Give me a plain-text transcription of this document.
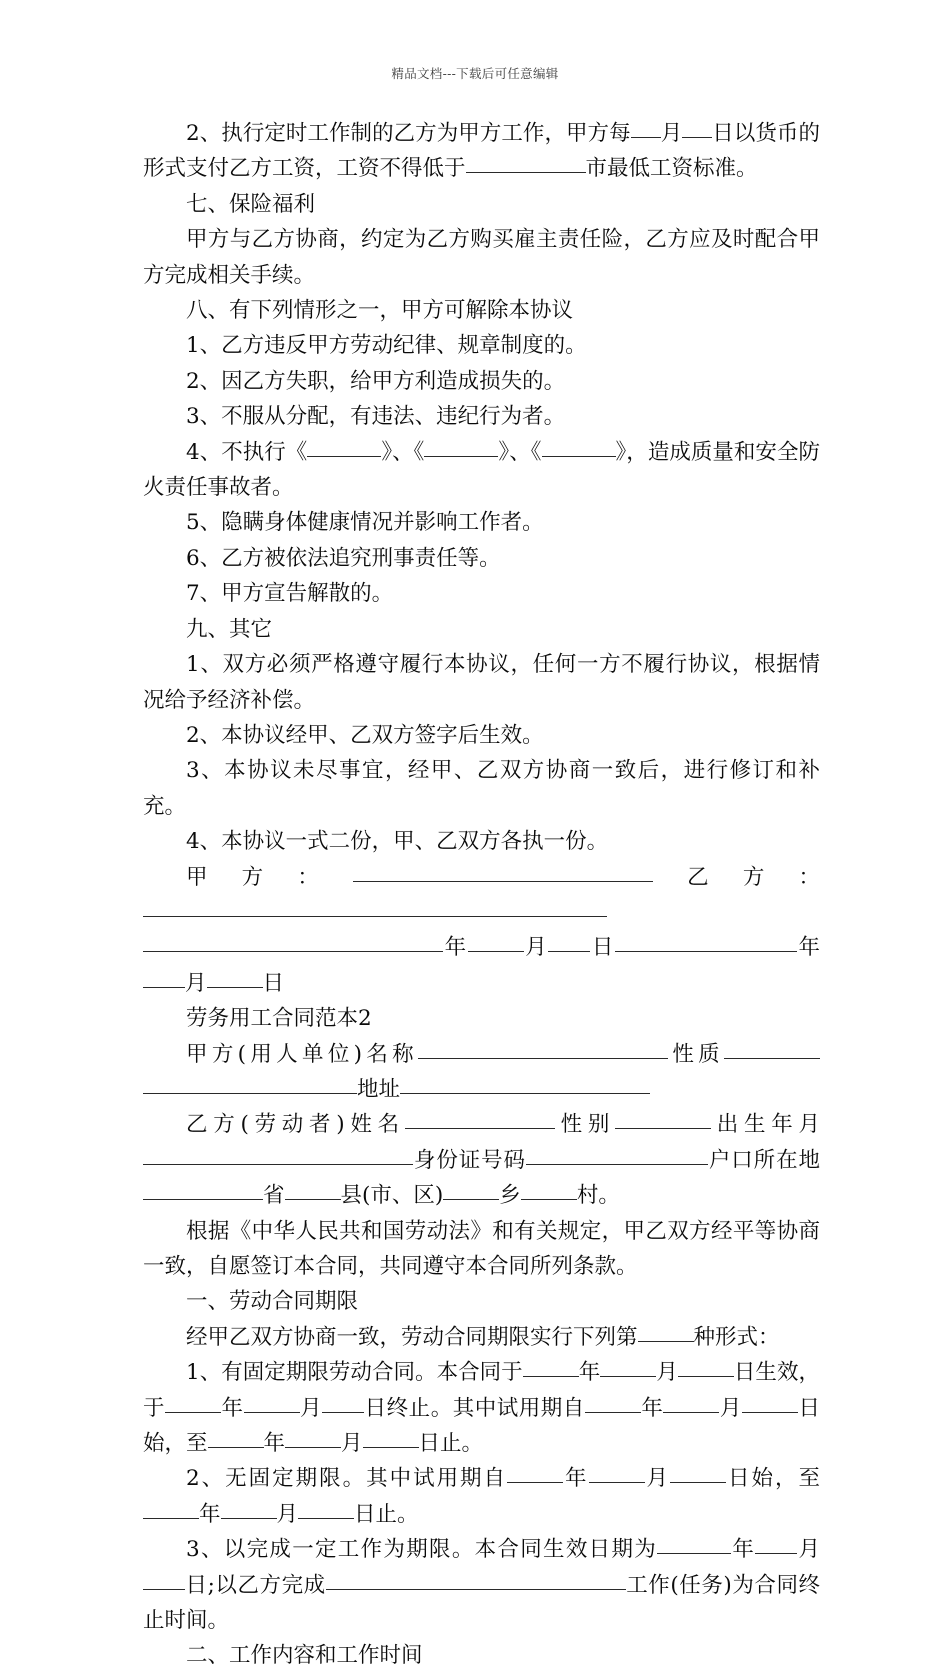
精品文档---下载后可任意编辑

2、执行定时工作制的乙方为甲方工作，甲方每 月 日以货币的形式支付乙方工资，工资不得低于	市最低工资标准。

七、保险福利

甲方与乙方协商，约定为乙方购买雇主责任险，乙方应及时配合甲方完成相关手续。

八、有下列情形之一，甲方可解除本协议

1、乙方违反甲方劳动纪律、规章制度的。

2、因乙方失职，给甲方利造成损失的。

3、不服从分配，有违法、违纪行为者。

4、不执行《	》、《	》、《	》，造成质量和安全防火责任事故者。

5、隐瞒身体健康情况并影响工作者。

6、乙方被依法追究刑事责任等。

7、甲方宣告解散的。

九、其它

1、双方必须严格遵守履行本协议，任何一方不履行协议，根据情况给予经济补偿。

2、本协议经甲、乙双方签字后生效。

3、本协议未尽事宜，经甲、乙双方协商一致后，进行修订和补充。

4、本协议一式二份，甲、乙双方各执一份。

甲方：	乙方：

年	月 日	年月	日

劳务用工合同范本2

甲方(用人单位)名称	性质地址

乙方(劳动者)姓名	性别	出生年月身份证号码	户口所在地省	县(市、区)	乡	村。

根据《中华人民共和国劳动法》和有关规定，甲乙双方经平等协商一致，自愿签订本合同，共同遵守本合同所列条款。

一、劳动合同期限

经甲乙双方协商一致，劳动合同期限实行下列第	种形式：

1、有固定期限劳动合同。本合同于	年	月	日生效，于	年	月 日终止。其中试用期自	年	月	日始，至	年	月	日止。

2、无固定期限。其中试用期自	年	月	日始，至年	月	日止。

3、以完成一定工作为期限。本合同生效日期为	年 月日;以乙方完成	工作(任务)为合同终止时间。

二、工作内容和工作时间
